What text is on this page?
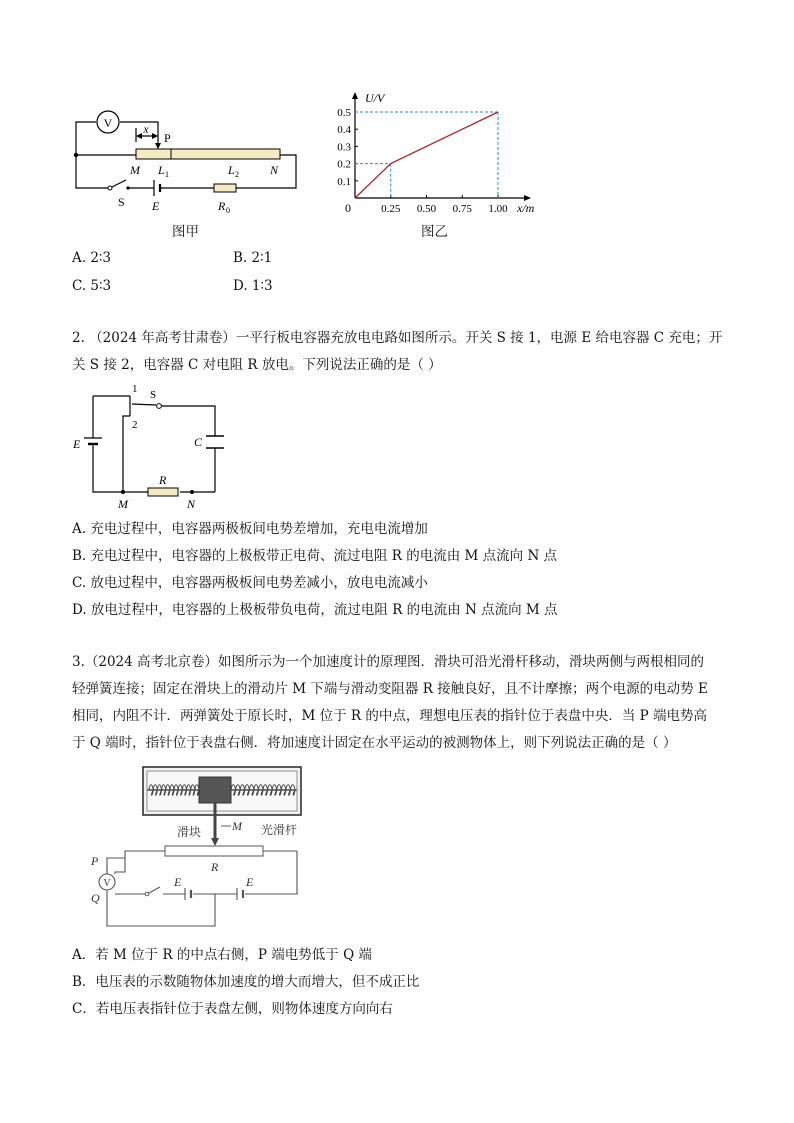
V	x
P
M L 1	L 2	N
S E	R 0
图甲
U/V
x/m
0
0.1
0.2
0.3
0.4
0.5
0.25 0.50 0.75 1.00
图乙
A. 2∶3	B. 2∶1
C. 5∶3	D. 1∶3
2. （2024 年高考甘肃卷）一平行板电容器充放电电路如图所示。开关 S 接 1，电源 E 给电容器 C 充电；开
关 S 接 2，电容器 C 对电阻 R 放电。下列说法正确的是（ ）
E
1 S
2
C
R
M	N
A. 充电过程中，电容器两极板间电势差增加，充电电流增加
B. 充电过程中，电容器的上极板带正电荷、流过电阻 R 的电流由 M 点流向 N 点
C. 放电过程中，电容器两极板间电势差减小，放电电流减小
D. 放电过程中，电容器的上极板带负电荷，流过电阻 R 的电流由 N 点流向 M 点
3.（2024 高考北京卷）如图所示为一个加速度计的原理图．滑块可沿光滑杆移动，滑块两侧与两根相同的
轻弹簧连接；固定在滑块上的滑动片 M 下端与滑动变阻器 R 接触良好，且不计摩擦；两个电源的电动势 E
相同，内阻不计．两弹簧处于原长时，M 位于 R 的中点，理想电压表的指针位于表盘中央．当 P 端电势高
于 Q 端时，指针位于表盘右侧．将加速度计固定在水平运动的被测物体上，则下列说法正确的是（ ）
滑块	M 光滑杆
R
V
P
Q
E	E
A．若 M 位于 R 的中点右侧，P 端电势低于 Q 端
B．电压表的示数随物体加速度的增大而增大，但不成正比
C．若电压表指针位于表盘左侧，则物体速度方向向右
